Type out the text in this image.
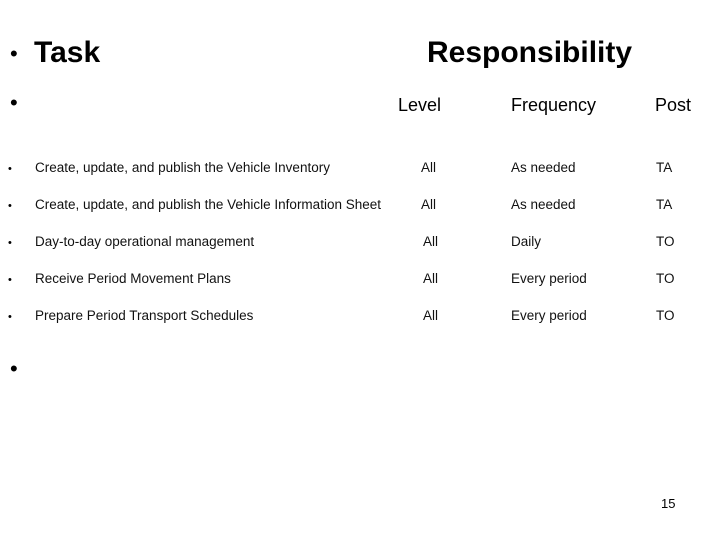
• Task	Responsibility
•	Level	Frequency	Post
• Create, update, and publish the Vehicle Inventory	All	As needed	TA
• Create, update, and publish the Vehicle Information Sheet	All	As needed	TA
• Day-to-day operational management	All	Daily	TO
• Receive Period Movement Plans	All	Every period	TO
• Prepare Period Transport Schedules	All	Every period	TO
•
15
